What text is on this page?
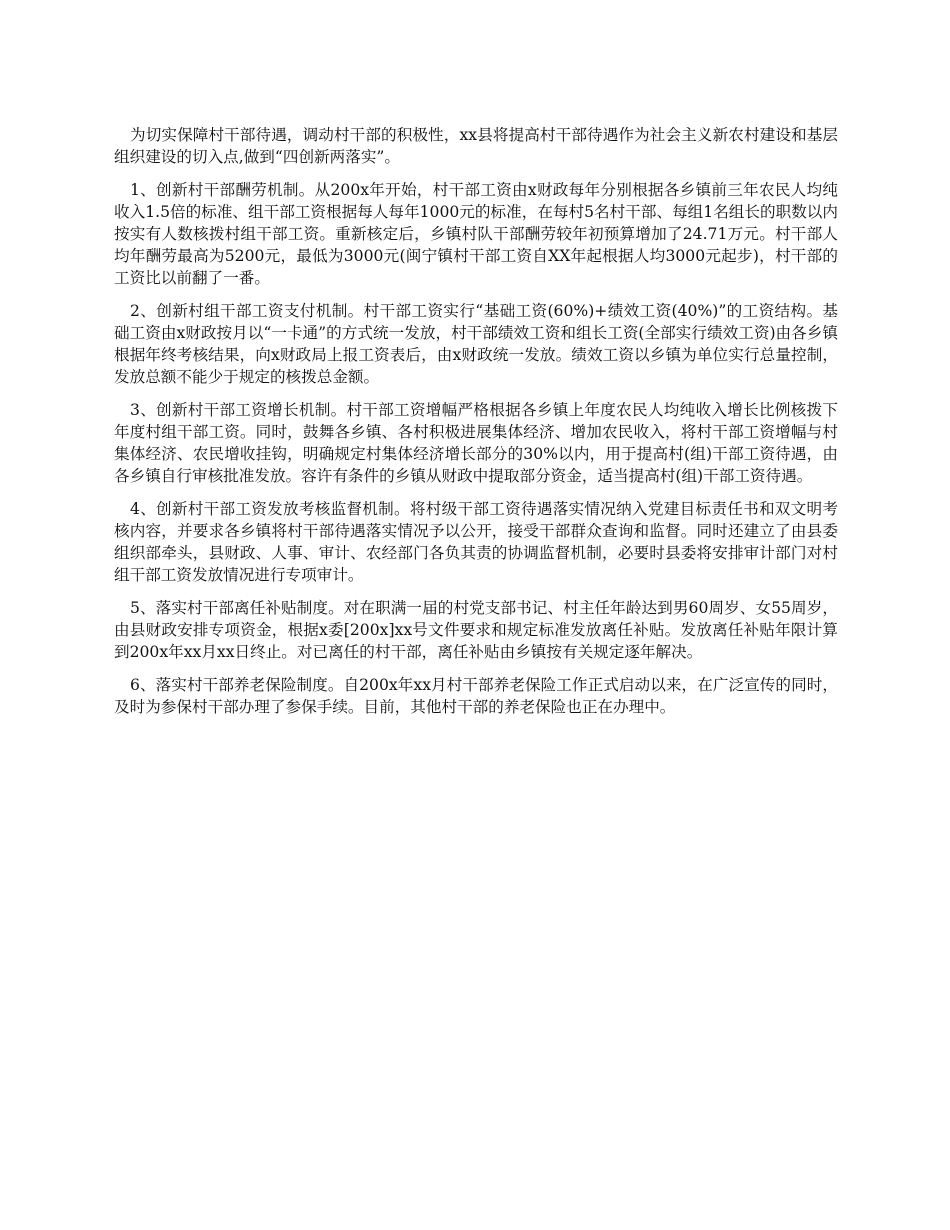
为切实保障村干部待遇，调动村干部的积极性，xx县将提高村干部待遇作为社会主义新农村建设和基层组织建设的切入点,做到“四创新两落实”。

1、创新村干部酬劳机制。从200x年开始，村干部工资由x财政每年分别根据各乡镇前三年农民人均纯收入1.5倍的标准、组干部工资根据每人每年1000元的标准，在每村5名村干部、每组1名组长的职数以内按实有人数核拨村组干部工资。重新核定后，乡镇村队干部酬劳较年初预算增加了24.71万元。村干部人均年酬劳最高为5200元，最低为3000元(闽宁镇村干部工资自XX年起根据人均3000元起步)，村干部的工资比以前翻了一番。

2、创新村组干部工资支付机制。村干部工资实行“基础工资(60%)+绩效工资(40%)”的工资结构。基础工资由x财政按月以“一卡通”的方式统一发放，村干部绩效工资和组长工资(全部实行绩效工资)由各乡镇根据年终考核结果，向x财政局上报工资表后，由x财政统一发放。绩效工资以乡镇为单位实行总量控制，发放总额不能少于规定的核拨总金额。

3、创新村干部工资增长机制。村干部工资增幅严格根据各乡镇上年度农民人均纯收入增长比例核拨下年度村组干部工资。同时，鼓舞各乡镇、各村积极进展集体经济、增加农民收入，将村干部工资增幅与村集体经济、农民增收挂钩，明确规定村集体经济增长部分的30%以内，用于提高村(组)干部工资待遇，由各乡镇自行审核批准发放。容许有条件的乡镇从财政中提取部分资金，适当提高村(组)干部工资待遇。

4、创新村干部工资发放考核监督机制。将村级干部工资待遇落实情况纳入党建目标责任书和双文明考核内容，并要求各乡镇将村干部待遇落实情况予以公开，接受干部群众查询和监督。同时还建立了由县委组织部牵头，县财政、人事、审计、农经部门各负其责的协调监督机制，必要时县委将安排审计部门对村组干部工资发放情况进行专项审计。

5、落实村干部离任补贴制度。对在职满一届的村党支部书记、村主任年龄达到男60周岁、女55周岁，由县财政安排专项资金，根据x委[200x]xx号文件要求和规定标准发放离任补贴。发放离任补贴年限计算到200x年xx月xx日终止。对已离任的村干部，离任补贴由乡镇按有关规定逐年解决。

6、落实村干部养老保险制度。自200x年xx月村干部养老保险工作正式启动以来，在广泛宣传的同时，及时为参保村干部办理了参保手续。目前，其他村干部的养老保险也正在办理中。
